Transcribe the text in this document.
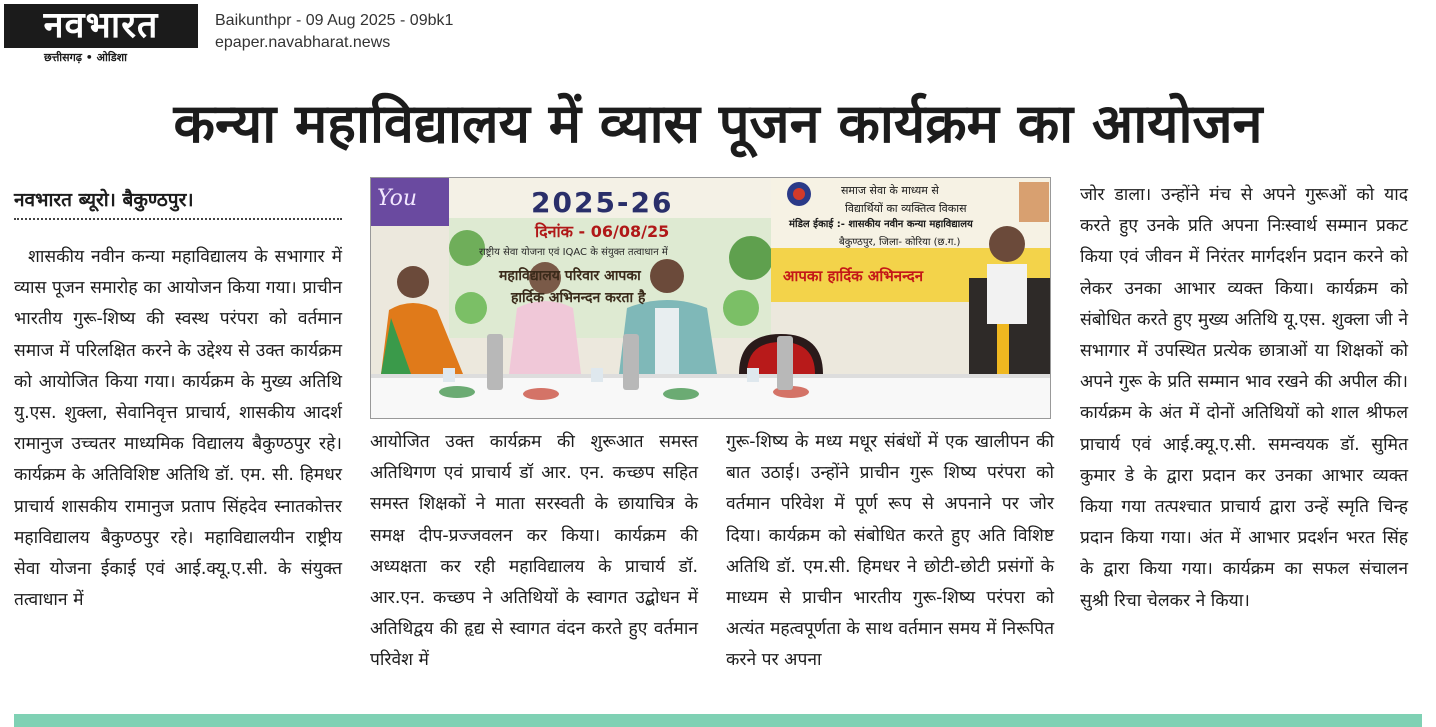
नवभारत
छत्तीसगढ़ • ओडिशा
Baikunthpr - 09 Aug 2025 - 09bk1
epaper.navabharat.news
कन्या महाविद्यालय में व्यास पूजन कार्यक्रम का आयोजन
नवभारत ब्यूरो। बैकुण्ठपुर।

शासकीय नवीन कन्या महाविद्यालय के सभागार में व्यास पूजन समारोह का आयोजन किया गया। प्राचीन भारतीय गुरू-शिष्य की स्वस्थ परंपरा को वर्तमान समाज में परिलक्षित करने के उद्देश्य से उक्त कार्यक्रम को आयोजित किया गया। कार्यक्रम के मुख्य अतिथि यु.एस. शुक्ला, सेवानिवृत्त प्राचार्य, शासकीय आदर्श रामानुज उच्चतर माध्यमिक विद्यालय बैकुण्ठपुर रहे। कार्यक्रम के अतिविशिष्ट अतिथि डॉ. एम. सी. हिमधर प्राचार्य शासकीय रामानुज प्रताप सिंहदेव स्नातकोत्तर महाविद्यालय बैकुण्ठपुर रहे। महाविद्यालयीन राष्ट्रीय सेवा योजना ईकाई एवं आई.क्यू.ए.सी. के संयुक्त तत्वाधान में

You	2025-26
दिनांक - 06/08/25
राष्ट्रीय सेवा योजना एवं IQAC के संयुक्त तत्वाधान में
महाविद्यालय परिवार आपका
हार्दिक अभिनन्दन करता है
समाज सेवा के माध्यम से
विद्यार्थियों का व्यक्तित्व विकास
मंडिल ईकाई :- शासकीय नवीन कन्या महाविद्यालय
बैकुण्ठपुर, जिला- कोरिया (छ.ग.)
आपका हार्दिक अभिनन्दन

आयोजित उक्त कार्यक्रम की शुरूआत समस्त अतिथिगण एवं प्राचार्य डॉ आर. एन. कच्छप सहित समस्त शिक्षकों ने माता सरस्वती के छायाचित्र के समक्ष दीप-प्रज्जवलन कर किया। कार्यक्रम की अध्यक्षता कर रही महाविद्यालय के प्राचार्य डॉ. आर.एन. कच्छप ने अतिथियों के स्वागत उद्बोधन में अतिथिद्वय की हृद्य से स्वागत वंदन करते हुए वर्तमान परिवेश में

गुरू-शिष्य के मध्य मधूर संबंधों में एक खालीपन की बात उठाई। उन्होंने प्राचीन गुरू शिष्य परंपरा को वर्तमान परिवेश में पूर्ण रूप से अपनाने पर जोर दिया। कार्यक्रम को संबोधित करते हुए अति विशिष्ट अतिथि डॉ. एम.सी. हिमधर ने छोटी-छोटी प्रसंगों के माध्यम से प्राचीन भारतीय गुरू-शिष्य परंपरा को अत्यंत महत्वपूर्णता के साथ वर्तमान समय में निरूपित करने पर अपना

जोर डाला। उन्होंने मंच से अपने गुरूओं को याद करते हुए उनके प्रति अपना निःस्वार्थ सम्मान प्रकट किया एवं जीवन में निरंतर मार्गदर्शन प्रदान करने को लेकर उनका आभार व्यक्त किया। कार्यक्रम को संबोधित करते हुए मुख्य अतिथि यू.एस. शुक्ला जी ने सभागार में उपस्थित प्रत्येक छात्राओं या शिक्षकों को अपने गुरू के प्रति सम्मान भाव रखने की अपील की। कार्यक्रम के अंत में दोनों अतिथियों को शाल श्रीफल प्राचार्य एवं आई.क्यू.ए.सी. समन्वयक डॉ. सुमित कुमार डे के द्वारा प्रदान कर उनका आभार व्यक्त किया गया तत्पश्चात प्राचार्य द्वारा उन्हें स्मृति चिन्ह प्रदान किया गया। अंत में आभार प्रदर्शन भरत सिंह के द्वारा किया गया। कार्यक्रम का सफल संचालन सुश्री रिचा चेलकर ने किया।
